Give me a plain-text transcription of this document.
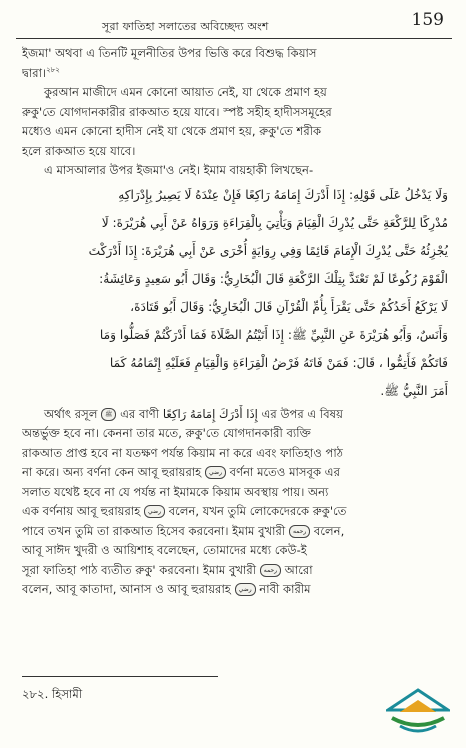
সূরা ফাতিহা সলাতের অবিচ্ছেদ্য অংশ	159

ইজমা' অথবা এ তিনটি মূলনীতির উপর ভিত্তি করে বিশুদ্ধ কিয়াস

দ্বারা।$^{২৮২}$

কুরআন মাজীদে এমন কোনো আয়াত নেই, যা থেকে প্রমাণ হয়

রুকু'তে যোগদানকারীর রাকআত হয়ে যাবে। স্পষ্ট সহীহ হাদীসসমূহের

মধ্যেও এমন কোনো হাদীস নেই যা থেকে প্রমাণ হয়, রুকু'তে শরীক

হলে রাকআত হয়ে যাবে।

এ মাসআলার উপর ইজমা'ও নেই। ইমাম বায়হাকী লিখছেন-

وَلَا يَدْخُلُ عَلَى قَوْلِهِ: إِذَا أَدْرَكَ إِمَامَهُ رَاكِعًا فَإِنْ عِنْدَهُ لَا يَصِيرُ بِإِدْرَاكِهِ

مُدْرِكًا لِلرَّكْعَةِ حَتَّى يُدْرِكَ الْقِيَامَ وَيَأْتِيَ بِالْقِرَاءَةِ وَرَوَاهُ عَنْ أَبِي هُرَيْرَةَ: لَا

يُجْزِئُهُ حَتَّى يُدْرِكَ الْإِمَامَ قَائِمًا وَفِي رِوَايَةٍ أُخْرَى عَنْ أَبِي هُرَيْرَةَ: إِذَا أَدْرَكْتَ

الْقَوْمَ رُكُوعًا لَمْ تَعْتَدَّ بِتِلْكَ الرَّكْعَةِ قَالَ الْبُخَارِيُّ: وَقَالَ أَبُو سَعِيدٍ وَعَائِشَةُ:

لَا يَرْكَعُ أَحَدُكُمْ حَتَّى يَقْرَأَ بِأُمِّ الْقُرْآنِ قَالَ الْبُخَارِيُّ: وَقَالَ أَبُو قَتَادَةَ،

وَأَنَسٌ، وَأَبُو هُرَيْرَةَ عَنِ النَّبِيِّ ﷺ: إِذَا أَتَيْتُمُ الصَّلَاةَ فَمَا أَدْرَكْتُمْ فَصَلُّوا وَمَا

فَاتَكُمْ فَأَتِمُّوا ، قَالَ: فَمَنْ فَاتَهُ فَرْضُ الْقِرَاءَةِ وَالْقِيَامِ فَعَلَيْهِ إِتْمَامُهُ كَمَا

أَمَرَ النَّبِيُّ ﷺ.

অর্থাৎ রসূল ﷺ এর বাণী إِذَا أَدْرَكَ إِمَامَهُ رَاكِعًا এর উপর এ বিষয়

অন্তর্ভুক্ত হবে না। কেননা তার মতে, রুকু'তে যোগদানকারী ব্যক্তি

রাকআত প্রাপ্ত হবে না যতক্ষণ পর্যন্ত কিয়াম না করে এবং ফাতিহাও পাঠ

না করে। অন্য বর্ণনা কেন আবূ হুরায়রাহ رضي বর্ণনা মতেও মাসবূক এর

সলাত যথেষ্ট হবে না যে পর্যন্ত না ইমামকে কিয়াম অবস্থায় পায়। অন্য

এক বর্ণনায় আবূ হুরায়রাহ رضي বলেন, যখন তুমি লোকেদেরকে রুকু'তে

পাবে তখন তুমি তা রাকআত হিসেব করবেনা। ইমাম বুখারী رحمه বলেন,

আবূ সাঈদ খুদরী ও আয়িশাহ বলেছেন, তোমাদের মধ্যে কেউ-ই

সূরা ফাতিহা পাঠ ব্যতীত রুকু' করবেনা। ইমাম বুখারী رحمه আরো

বলেন, আবূ কাতাদা, আনাস ও আবূ হুরায়রাহ رضي নাবী কারীম

২৮২. হিসামী
